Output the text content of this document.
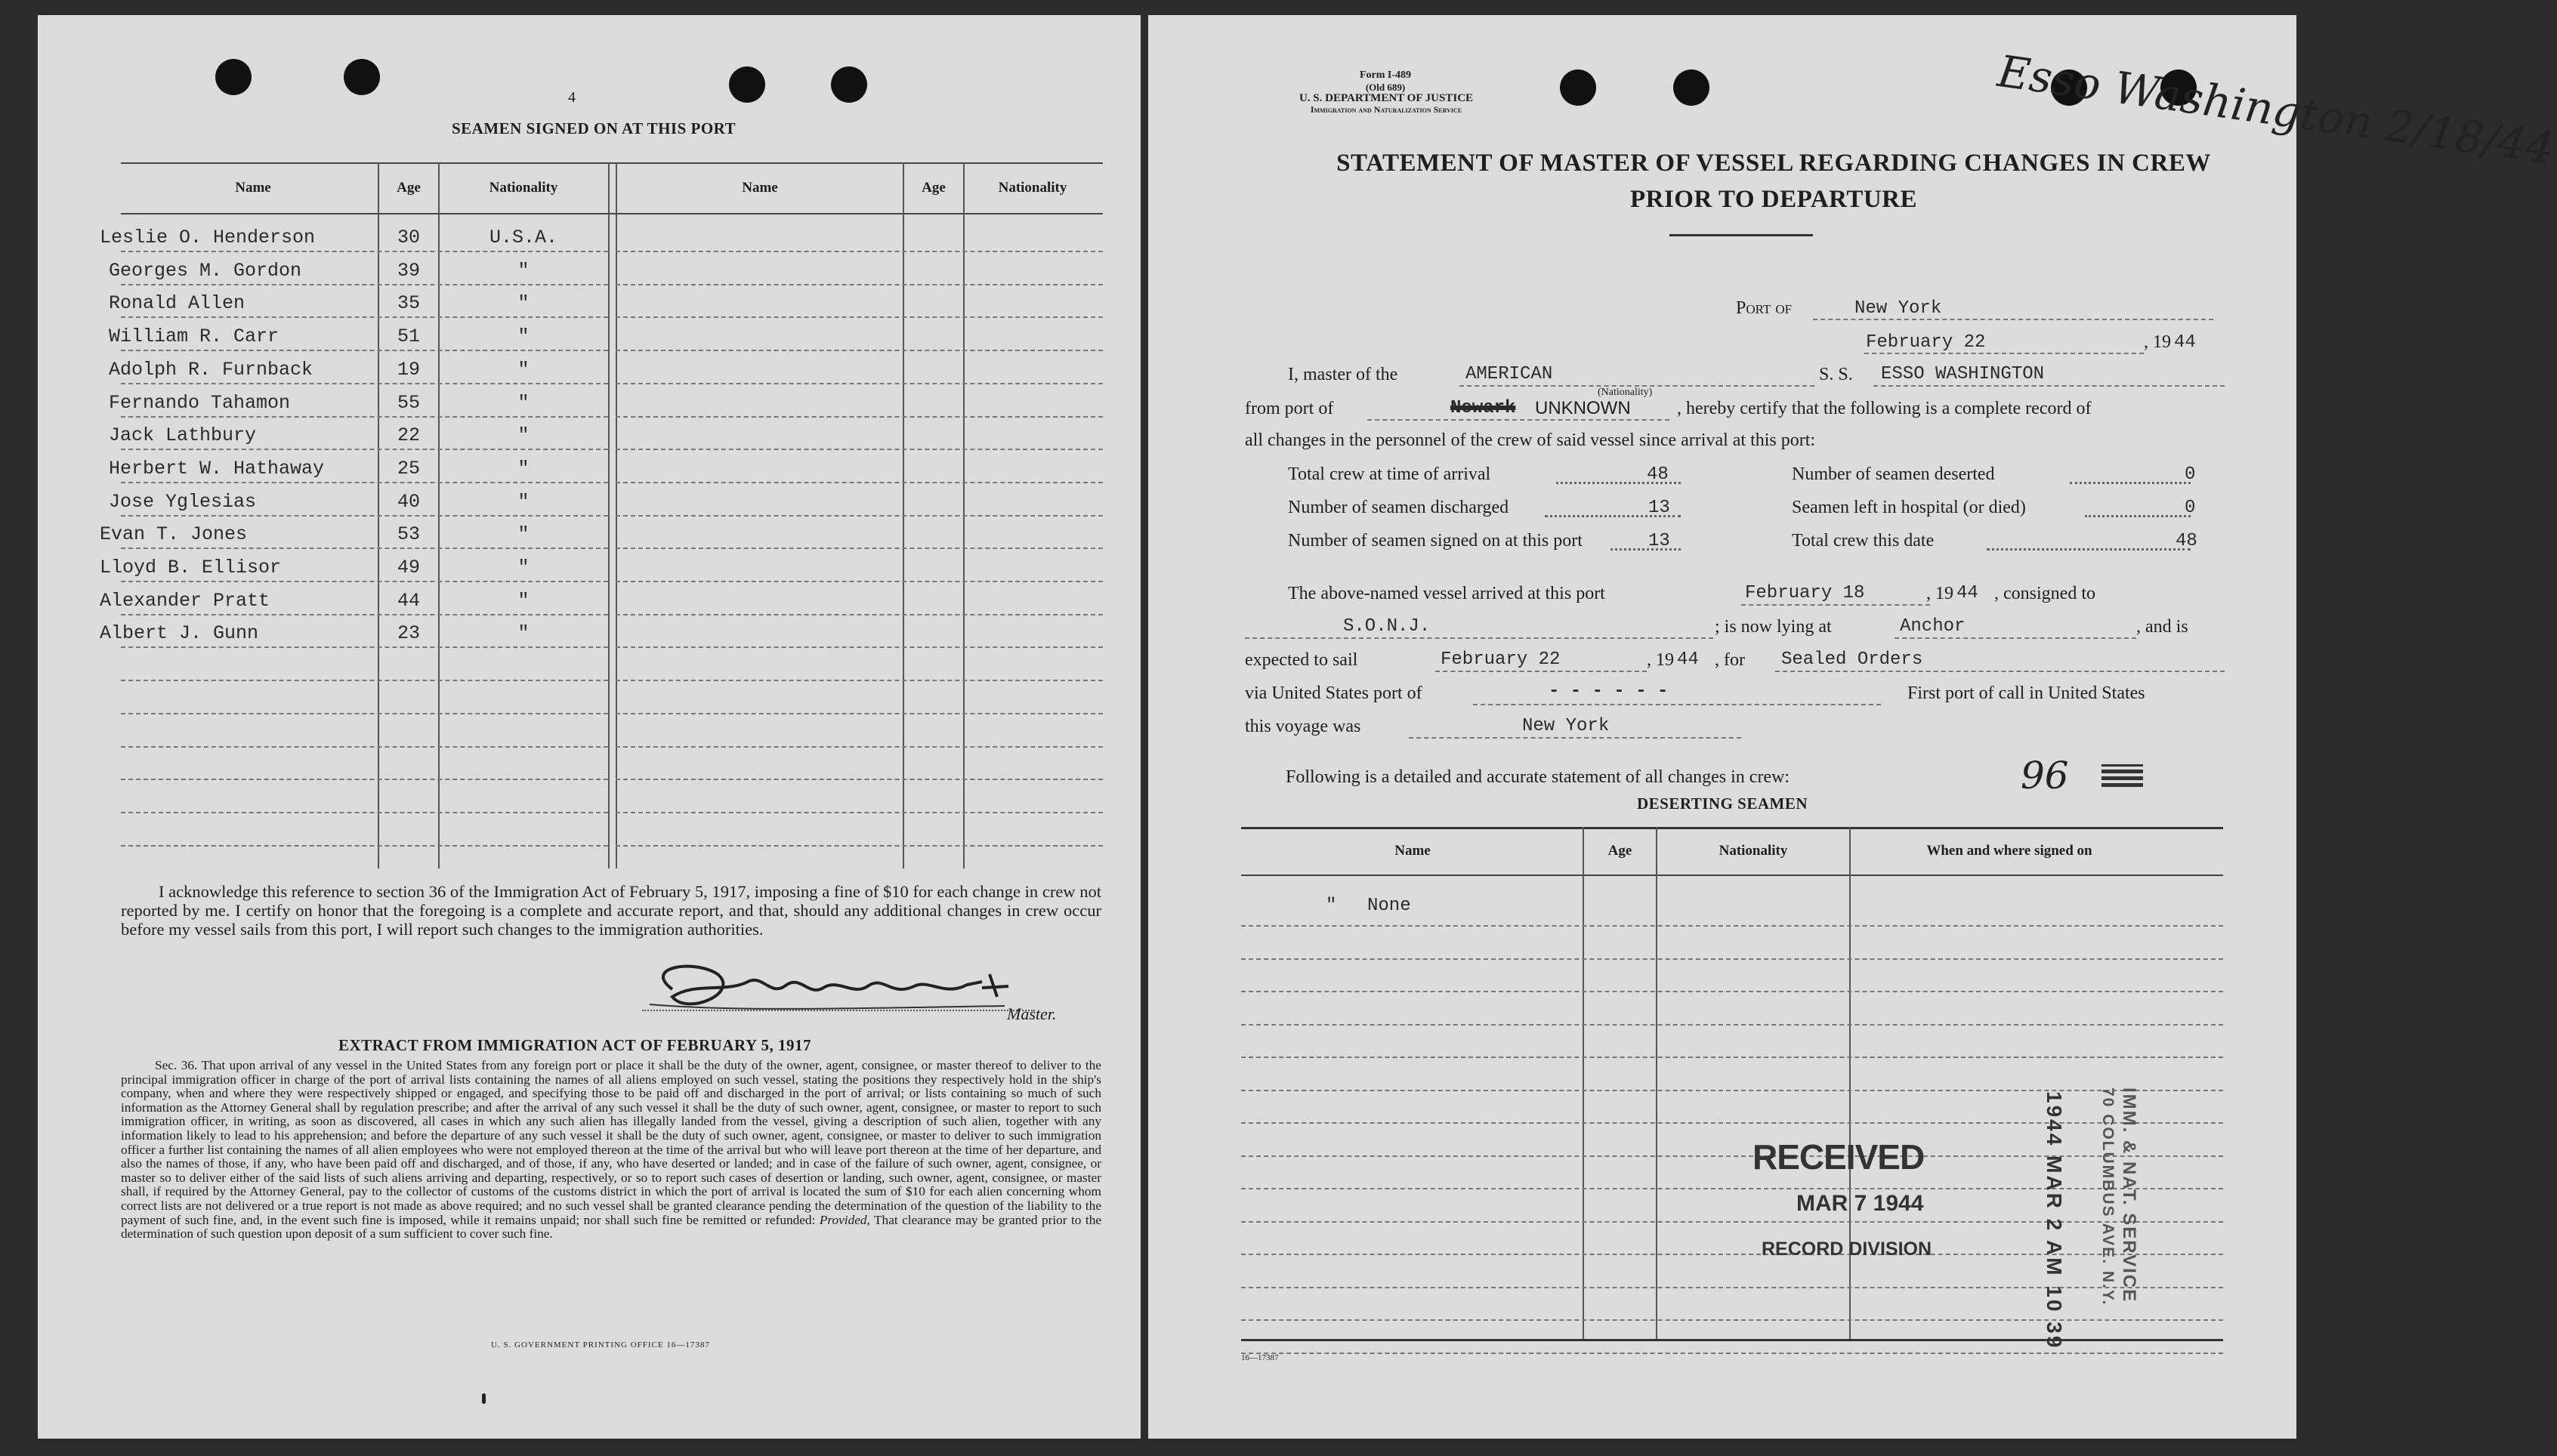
4
SEAMEN SIGNED ON AT THIS PORT
Name	Age	Nationality	Name	Age	Nationality
Leslie O. Henderson	30	U.S.A.
Georges M. Gordon	39	"
Ronald Allen	35	"
William R. Carr	51	"
Adolph R. Furnback	19	"
Fernando Tahamon	55	"
Jack Lathbury	22	"
Herbert W. Hathaway	25	"
Jose Yglesias	40	"
Evan T. Jones	53	"
Lloyd B. Ellisor	49	"
Alexander Pratt	44	"
Albert J. Gunn	23	"
I acknowledge this reference to section 36 of the Immigration Act of February 5, 1917, imposing a fine of $10 for each change in crew not reported by me. I certify on honor that the foregoing is a complete and accurate report, and that, should any additional changes in crew occur before my vessel sails from this port, I will report such changes to the immigration authorities.
Master.
EXTRACT FROM IMMIGRATION ACT OF FEBRUARY 5, 1917
Sec. 36. That upon arrival of any vessel in the United States from any foreign port or place it shall be the duty of the owner, agent, consignee, or master thereof to deliver to the principal immigration officer in charge of the port of arrival lists containing the names of all aliens employed on such vessel, stating the positions they respectively hold in the ship's company, when and where they were respectively shipped or engaged, and specifying those to be paid off and discharged in the port of arrival; or lists containing so much of such information as the Attorney General shall by regulation prescribe; and after the arrival of any such vessel it shall be the duty of such owner, agent, consignee, or master to report to such immigration officer, in writing, as soon as discovered, all cases in which any such alien has illegally landed from the vessel, giving a description of such alien, together with any information likely to lead to his apprehension; and before the departure of any such vessel it shall be the duty of such owner, agent, consignee, or master to deliver to such immigration officer a further list containing the names of all alien employees who were not employed thereon at the time of the arrival but who will leave port thereon at the time of her departure, and also the names of those, if any, who have been paid off and discharged, and of those, if any, who have deserted or landed; and in case of the failure of such owner, agent, consignee, or master so to deliver either of the said lists of such aliens arriving and departing, respectively, or so to report such cases of desertion or landing, such owner, agent, consignee, or master shall, if required by the Attorney General, pay to the collector of customs of the customs district in which the port of arrival is located the sum of $10 for each alien concerning whom correct lists are not delivered or a true report is not made as above required; and no such vessel shall be granted clearance pending the determination of the question of the liability to the payment of such fine, and, in the event such fine is imposed, while it remains unpaid; nor shall such fine be remitted or refunded: Provided, That clearance may be granted prior to the determination of such question upon deposit of a sum sufficient to cover such fine.
U. S. GOVERNMENT PRINTING OFFICE 16—17387
Form I-489
(Old 689)
U. S. DEPARTMENT OF JUSTICE
Immigration and Naturalization Service
STATEMENT OF MASTER OF VESSEL REGARDING CHANGES IN CREW
PRIOR TO DEPARTURE
Esso Washington 2/18/44
Port of	New York
February 22	, 19 44
I, master of the	AMERICAN
(Nationality)
S. S. ESSO WASHINGTON
from port of	Newark UNKNOWN	, hereby certify that the following is a complete record of
all changes in the personnel of the crew of said vessel since arrival at this port:
Total crew at time of arrival	48	Number of seamen deserted	0
Number of seamen discharged	13	Seamen left in hospital (or died)	0
Number of seamen signed on at this port	13	Total crew this date	48
The above-named vessel arrived at this port	February 18	, 19 44 , consigned to
S.O.N.J.	; is now lying at	Anchor	, and is
expected to sail	February 22	, 19 44 , for Sealed Orders
via United States port of	- - - - - -	First port of call in United States
this voyage was	New York
Following is a detailed and accurate statement of all changes in crew:	96
DESERTING SEAMEN
Name	Age	Nationality	When and where signed on
" None
RECEIVED
MAR 7 1944
RECORD DIVISION	1944 MAR 2 AM 10 39	IMM. & NAT. SERVICE
70 COLUMBUS AVE. N.Y.
16—17387
